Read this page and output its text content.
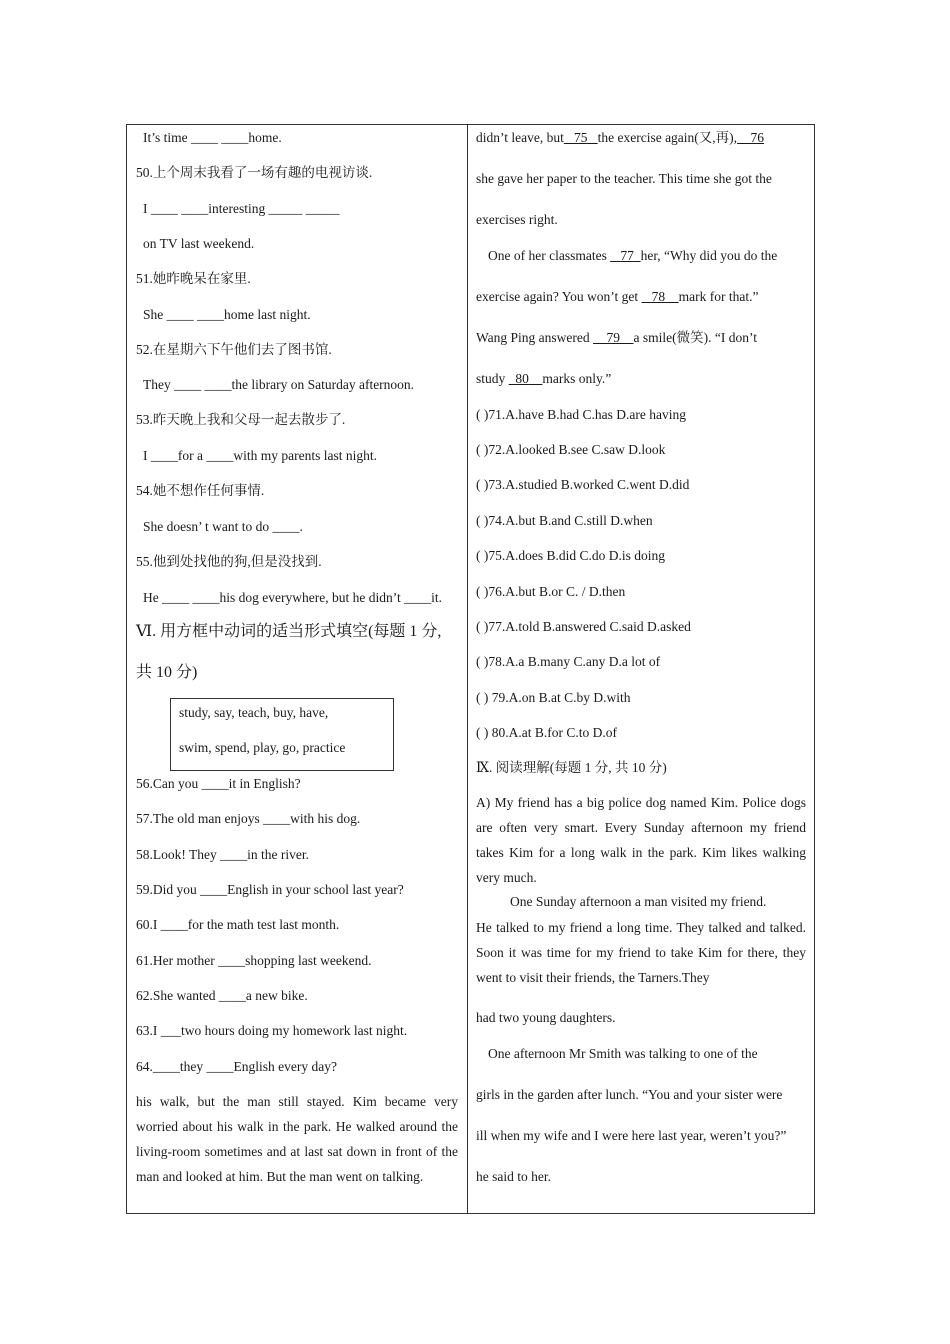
It’s time ____ ____home.
50.上个周末我看了一场有趣的电视访谈.
I ____ ____interesting _____ _____
on TV last weekend.
51.她昨晚呆在家里.
She ____ ____home last night.
52.在星期六下午他们去了图书馆.
They ____ ____the library on Saturday afternoon.
53.昨天晚上我和父母一起去散步了.
I ____for a ____with my parents last night.
54.她不想作任何事情.
She doesn’ t want to do ____.
55.他到处找他的狗,但是没找到.
He ____ ____his dog everywhere, but he didn’t ____it.
Ⅵ. 用方框中动词的适当形式填空(每题 1 分,
共 10 分)
study, say, teach, buy, have,
swim, spend, play, go, practice
56.Can you ____it in English?
57.The old man enjoys ____with his dog.
58.Look! They ____in the river.
59.Did you ____English in your school last year?
60.I ____for the math test last month.
61.Her mother ____shopping last weekend.
62.She wanted ____a new bike.
63.I ___two hours doing my homework last night.
64.____they ____English every day?
his walk, but the man still stayed. Kim became very worried about his walk in the park. He walked around the living-room sometimes and at last sat down in front of the man and looked at him. But the man went on talking.
didn’t leave, but 75 the exercise again(又,再), 76
she gave her paper to the teacher. This time she got the
exercises right.
One of her classmates 77 her, “Why did you do the
exercise again? You won’t get 78 mark for that.”
Wang Ping answered 79 a smile(微笑). “I don’t
study 80 marks only.”
( )71.A.have B.had C.has D.are having
( )72.A.looked B.see C.saw D.look
( )73.A.studied B.worked C.went D.did
( )74.A.but B.and C.still D.when
( )75.A.does B.did C.do D.is doing
( )76.A.but B.or C. / D.then
( )77.A.told B.answered C.said D.asked
( )78.A.a B.many C.any D.a lot of
( ) 79.A.on B.at C.by D.with
( ) 80.A.at B.for C.to D.of
Ⅸ. 阅读理解(每题 1 分, 共 10 分)
A) My friend has a big police dog named Kim. Police dogs are often very smart. Every Sunday afternoon my friend takes Kim for a long walk in the park. Kim likes walking very much.
One Sunday afternoon a man visited my friend.
He talked to my friend a long time. They talked and talked. Soon it was time for my friend to take Kim for there, they went to visit their friends, the Tarners.They
had two young daughters.
One afternoon Mr Smith was talking to one of the
girls in the garden after lunch. “You and your sister were
ill when my wife and I were here last year, weren’t you?”
he said to her.
